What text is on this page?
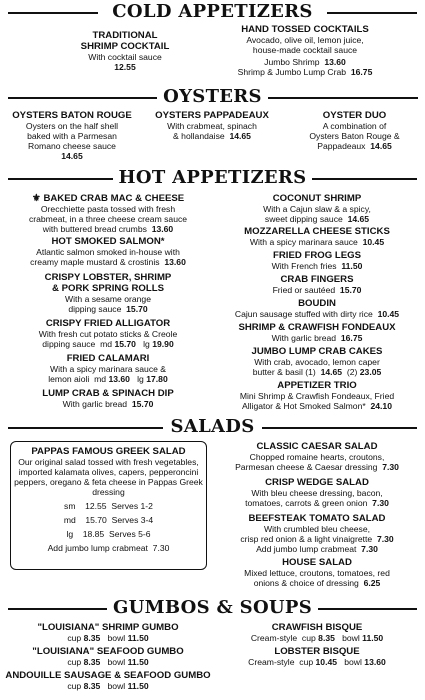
COLD APPETIZERS
TRADITIONAL
SHRIMP COCKTAIL
With cocktail sauce
12.55
HAND TOSSED COCKTAILS
Avocado, olive oil, lemon juice,
house-made cocktail sauce
Jumbo Shrimp 13.60
Shrimp & Jumbo Lump Crab 16.75
OYSTERS
OYSTERS BATON ROUGE
Oysters on the half shell
baked with a Parmesan
Romano cheese sauce
14.65
OYSTERS PAPPADEAUX
With crabmeat, spinach
& hollandaise 14.65
OYSTER DUO
A combination of
Oysters Baton Rouge &
Pappadeaux 14.65
HOT APPETIZERS
⚜ BAKED CRAB MAC & CHEESE
Orecchiette pasta tossed with fresh
crabmeat, in a three cheese cream sauce
with buttered bread crumbs 13.60
HOT SMOKED SALMON*
Atlantic salmon smoked in-house with
creamy maple mustard & crostinis 13.60
CRISPY LOBSTER, SHRIMP
& PORK SPRING ROLLS
With a sesame orange
dipping sauce 15.70
CRISPY FRIED ALLIGATOR
With fresh cut potato sticks & Creole
dipping sauce md 15.70 lg 19.90
FRIED CALAMARI
With a spicy marinara sauce &
lemon aioli md 13.60 lg 17.80
LUMP CRAB & SPINACH DIP
With garlic bread 15.70
COCONUT SHRIMP
With a Cajun slaw & a spicy,
sweet dipping sauce 14.65
MOZZARELLA CHEESE STICKS
With a spicy marinara sauce 10.45
FRIED FROG LEGS
With French fries 11.50
CRAB FINGERS
Fried or sautéed 15.70
BOUDIN
Cajun sausage stuffed with dirty rice 10.45
SHRIMP & CRAWFISH FONDEAUX
With garlic bread 16.75
JUMBO LUMP CRAB CAKES
With crab, avocado, lemon caper
butter & basil (1) 14.65 (2) 23.05
APPETIZER TRIO
Mini Shrimp & Crawfish Fondeaux, Fried
Alligator & Hot Smoked Salmon* 24.10
SALADS
PAPPAS FAMOUS GREEK SALAD
Our original salad tossed with fresh vegetables, imported kalamata olives, capers, pepperoncini peppers, oregano & feta cheese in Pappas Greek dressing
sm 12.55 Serves 1-2
md 15.70 Serves 3-4
lg 18.85 Serves 5-6
Add jumbo lump crabmeat 7.30
CLASSIC CAESAR SALAD
Chopped romaine hearts, croutons,
Parmesan cheese & Caesar dressing 7.30
CRISP WEDGE SALAD
With bleu cheese dressing, bacon,
tomatoes, carrots & green onion 7.30
BEEFSTEAK TOMATO SALAD
With crumbled bleu cheese,
crisp red onion & a light vinaigrette 7.30
Add jumbo lump crabmeat 7.30
HOUSE SALAD
Mixed lettuce, croutons, tomatoes, red
onions & choice of dressing 6.25
GUMBOS & SOUPS
"LOUISIANA" SHRIMP GUMBO
cup 8.35 bowl 11.50
CRAWFISH BISQUE
Cream-style cup 8.35 bowl 11.50
"LOUISIANA" SEAFOOD GUMBO
cup 8.35 bowl 11.50
LOBSTER BISQUE
Cream-style cup 10.45 bowl 13.60
ANDOUILLE SAUSAGE & SEAFOOD GUMBO
cup 8.35 bowl 11.50
